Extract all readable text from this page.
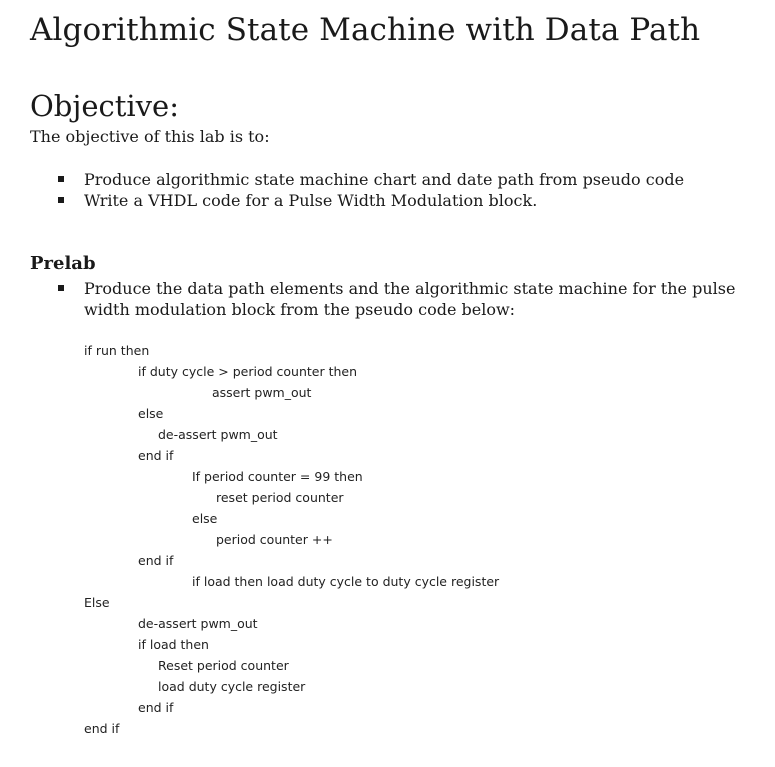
Algorithmic State Machine with Data Path
Objective:

The objective of this lab is to:

Produce algorithmic state machine chart and date path from pseudo code
Write a VHDL code for a Pulse Width Modulation block.
Prelab
Produce the data path elements and the algorithmic state machine for the pulse width modulation block from the pseudo code below:
if run then
if duty cycle > period counter then
assert pwm_out
else
de-assert pwm_out
end if
If period counter = 99 then
reset period counter
else
period counter ++
end if
if load then load duty cycle to duty cycle register
Else
de-assert pwm_out
if load then
Reset period counter
load duty cycle register
end if
end if
